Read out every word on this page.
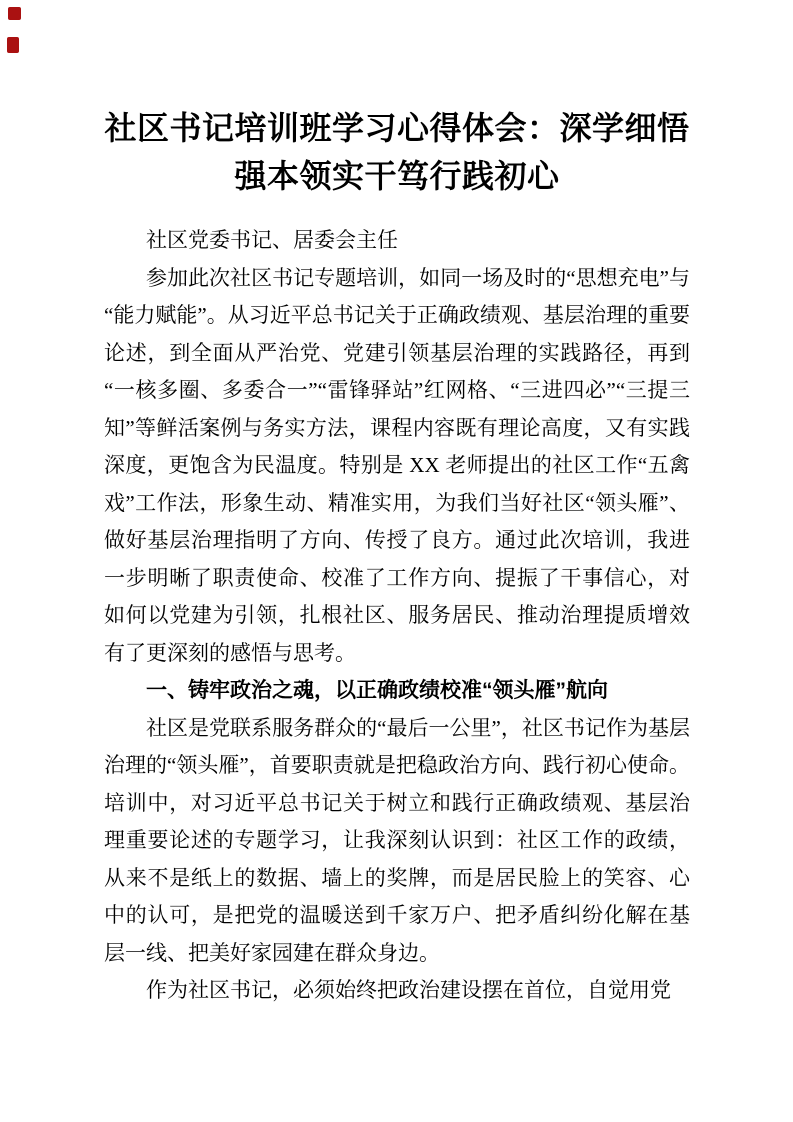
社区书记培训班学习心得体会：深学细悟强本领实干笃行践初心

社区党委书记、居委会主任

参加此次社区书记专题培训，如同一场及时的“思想充电”与“能力赋能”。从习近平总书记关于正确政绩观、基层治理的重要论述，到全面从严治党、党建引领基层治理的实践路径，再到“一核多圈、多委合一”“雷锋驿站”红网格、“三进四必”“三提三知”等鲜活案例与务实方法，课程内容既有理论高度，又有实践深度，更饱含为民温度。特别是 XX 老师提出的社区工作“五禽戏”工作法，形象生动、精准实用，为我们当好社区“领头雁”、做好基层治理指明了方向、传授了良方。通过此次培训，我进一步明晰了职责使命、校准了工作方向、提振了干事信心，对如何以党建为引领，扎根社区、服务居民、推动治理提质增效有了更深刻的感悟与思考。

一、铸牢政治之魂，以正确政绩校准“领头雁”航向

社区是党联系服务群众的“最后一公里”，社区书记作为基层治理的“领头雁”，首要职责就是把稳政治方向、践行初心使命。培训中，对习近平总书记关于树立和践行正确政绩观、基层治理重要论述的专题学习，让我深刻认识到：社区工作的政绩，从来不是纸上的数据、墙上的奖牌，而是居民脸上的笑容、心中的认可，是把党的温暖送到千家万户、把矛盾纠纷化解在基层一线、把美好家园建在群众身边。

作为社区书记，必须始终把政治建设摆在首位，自觉用党
